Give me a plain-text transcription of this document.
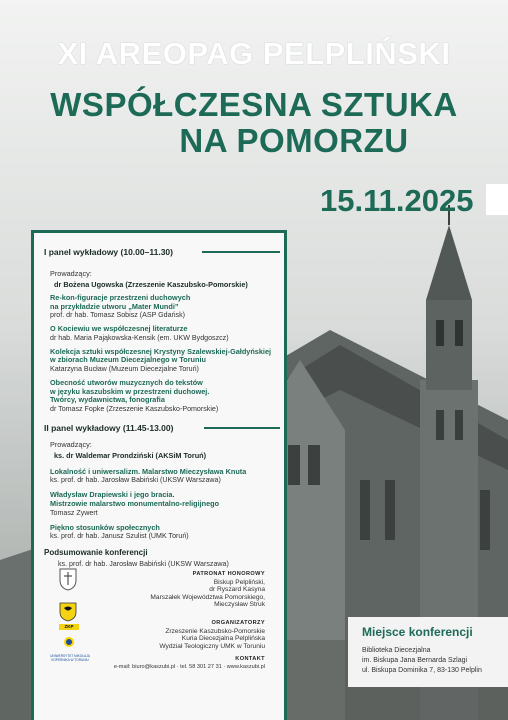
XI AREOPAG PELPLIŃSKI
WSPÓŁCZESNA SZTUKA
NA POMORZU
15.11.2025
I panel wykładowy (10.00–11.30)
Prowadzący:
dr Bożena Ugowska (Zrzeszenie Kaszubsko-Pomorskie)
Re-kon-figuracje przestrzeni duchowych
na przykładzie utworu „Mater Mundi”
prof. dr hab. Tomasz Sobisz (ASP Gdańsk)
O Kociewiu we współczesnej literaturze
dr hab. Maria Pająkowska-Kensik (em. UKW Bydgoszcz)
Kolekcja sztuki współczesnej Krystyny Szalewskiej-Gałdyńskiej
w zbiorach Muzeum Diecezjalnego w Toruniu
Katarzyna Bucław (Muzeum Diecezjalne Toruń)
Obecność utworów muzycznych do tekstów
w języku kaszubskim w przestrzeni duchowej.
Twórcy, wydawnictwa, fonografia
dr Tomasz Fopke (Zrzeszenie Kaszubsko-Pomorskie)
II panel wykładowy (11.45-13.00)
Prowadzący:
ks. dr Waldemar Prondziński (AKSiM Toruń)
Lokalność i uniwersalizm. Malarstwo Mieczysława Knuta
ks. prof. dr hab. Jarosław Babiński (UKSW Warszawa)
Władysław Drapiewski i jego bracia.
Mistrzowie malarstwo monumentalno-religijnego
Tomasz Zywert
Piękno stosunków społecznych
ks. prof. dr hab. Janusz Szulist (UMK Toruń)
Podsumowanie konferencji
ks. prof. dr hab. Jarosław Babiński (UKSW Warszawa)
ZKP
UNIWERSYTET MIKOŁAJA KOPERNIKA W TORUNIU
PATRONAT HONOROWY
Biskup Pelpliński,
dr Ryszard Kasyna
Marszałek Województwa Pomorskiego,
Mieczysław Struk
ORGANIZATORZY
Zrzeszenie Kaszubsko-Pomorskie
Kuria Diecezjalna Pelplińska
Wydział Teologiczny UMK w Toruniu
KONTAKT
e-mail: biuro@kaszubi.pl · tel. 58 301 27 31 · www.kaszubi.pl
Miejsce konferencji
Biblioteka Diecezjalna
im. Biskupa Jana Bernarda Szlagi
ul. Biskupa Dominika 7, 83-130 Pelplin
